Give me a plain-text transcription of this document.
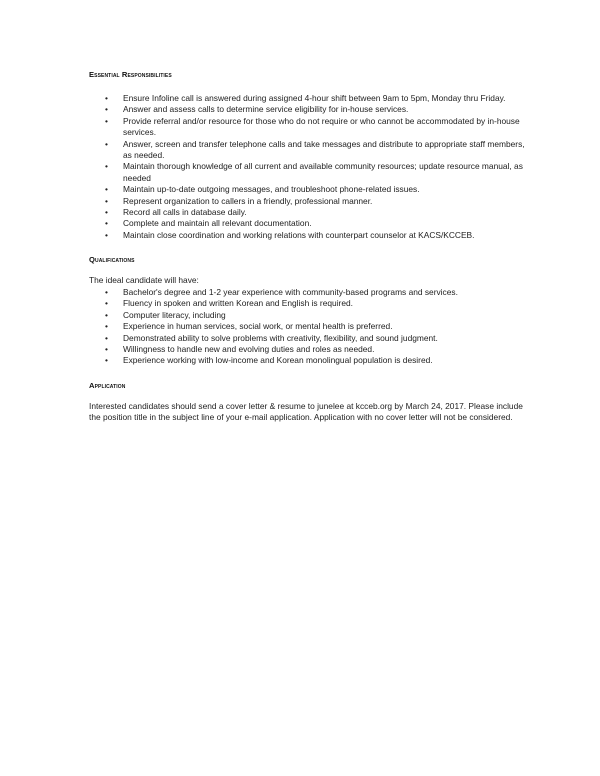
Essential Responsibilities

• Ensure Infoline call is answered during assigned 4-hour shift between 9am to 5pm, Monday thru Friday.
• Answer and assess calls to determine service eligibility for in-house services.
• Provide referral and/or resource for those who do not require or who cannot be accommodated by in-house services.
• Answer, screen and transfer telephone calls and take messages and distribute to appropriate staff members, as needed.
• Maintain thorough knowledge of all current and available community resources; update resource manual, as needed
• Maintain up-to-date outgoing messages, and troubleshoot phone-related issues.
• Represent organization to callers in a friendly, professional manner.
• Record all calls in database daily.
• Complete and maintain all relevant documentation.
• Maintain close coordination and working relations with counterpart counselor at KACS/KCCEB.

Qualifications

The ideal candidate will have:

• Bachelor's degree and 1-2 year experience with community-based programs and services.
• Fluency in spoken and written Korean and English is required.
• Computer literacy, including
• Experience in human services, social work, or mental health is preferred.
• Demonstrated ability to solve problems with creativity, flexibility, and sound judgment.
• Willingness to handle new and evolving duties and roles as needed.
• Experience working with low-income and Korean monolingual population is desired.

Application

Interested candidates should send a cover letter & resume to junelee at kcceb.org by March 24, 2017. Please include the position title in the subject line of your e-mail application. Application with no cover letter will not be considered.
